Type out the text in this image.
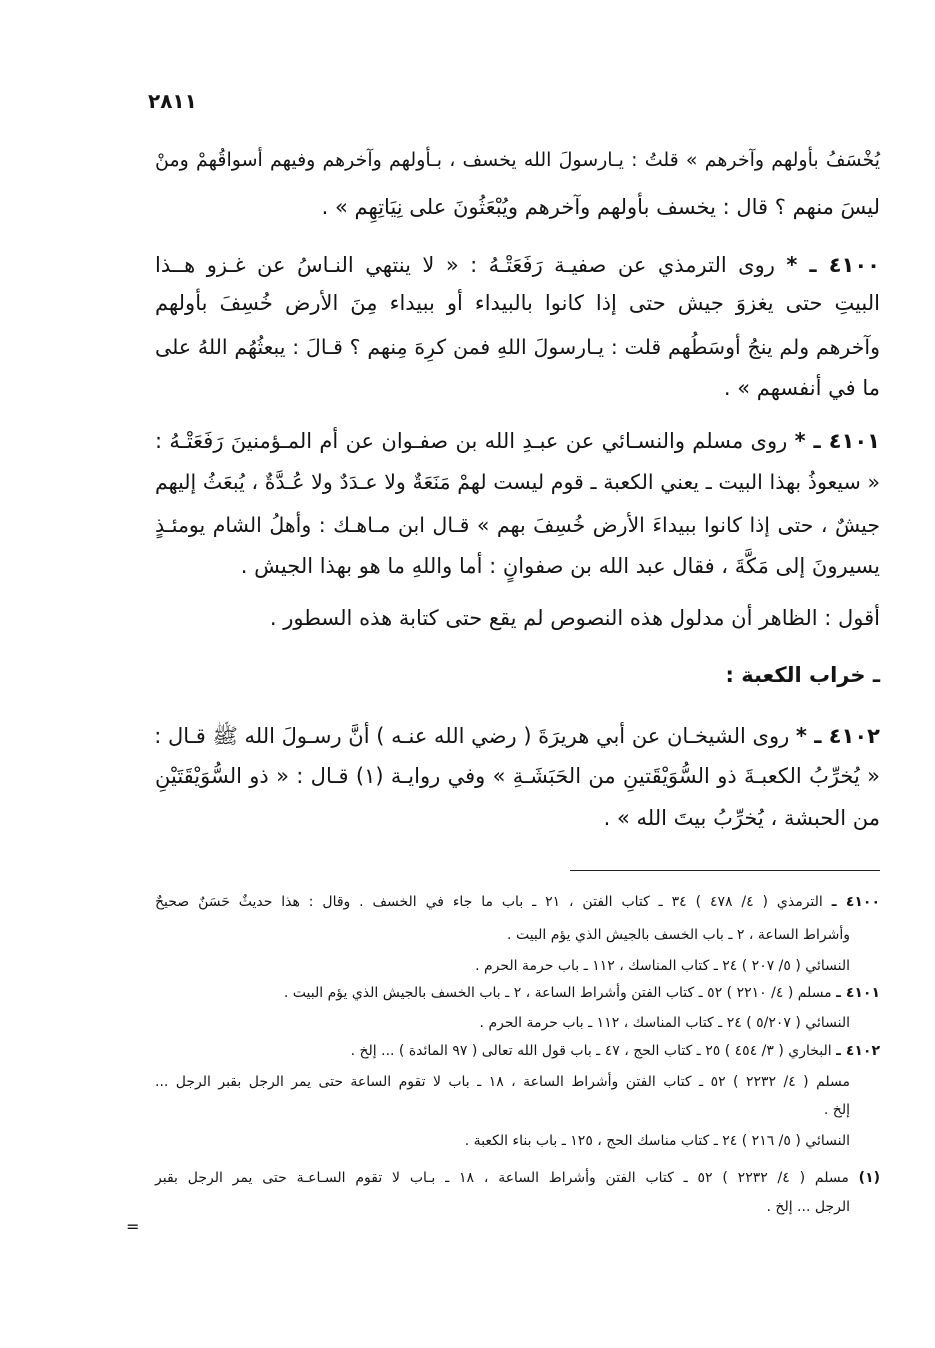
٢٨١١
يُخْسَفُ بأولهم وآخرهم » قلتُ : يـارسولَ الله يخسف ، بـأولهم وآخرهم وفيهم أسواقُهمْ ومنْ
ليسَ منهم ؟ قال : يخسف بأولهم وآخرهم ويُبْعَثُونَ على نِيَاتِهِم » .
٤١٠٠ ـ * روى الترمذي عن صفيـة رَفَعَتْـهُ : « لا ينتهي النـاسُ عن غـزو هــذا
البيتِ حتى يغزوَ جيش حتى إذا كانوا بالبيداء أو ببيداء مِنَ الأرض خُسِفَ بأولهم
وآخرهم ولم ينجُ أوسَطُهم قلت : يـارسولَ اللهِ فمن كرِهَ مِنهم ؟ قـالَ : يبعثُهُم اللهُ على
ما في أنفسهم » .
٤١٠١ ـ * روى مسلم والنسـائي عن عبـدِ الله بن صفـوان عن أم المـؤمنينَ رَفَعَتْـهُ :
« سيعوذُ بهذا البيت ـ يعني الكعبة ـ قوم ليست لهمْ مَنَعَةٌ ولا عـدَدٌ ولا عُـدَّةٌ ، يُبعَثُ إليهم
جيشٌ ، حتى إذا كانوا ببيداءَ الأرض خُسِفَ بهم » قـال ابن مـاهـك : وأهلُ الشام يومئـذٍ
يسيرونَ إلى مَكَّةَ ، فقال عبد الله بن صفوانٍ : أما واللهِ ما هو بهذا الجيش .
أقول : الظاهر أن مدلول هذه النصوص لم يقع حتى كتابة هذه السطور .
ـ خراب الكعبة :
٤١٠٢ ـ * روى الشيخـان عن أبي هريرَةَ ( رضي الله عنـه ) أنَّ رسـولَ الله ﷺ قـال :
« يُخرِّبُ الكعبـةَ ذو السُّوَيْقَتينِ من الحَبَشَـةِ » وفي روايـة (١) قـال : « ذو السُّوَيْقَتَيْنِ
من الحبشة ، يُخرِّبُ بيتَ الله » .
٤١٠٠ ـ الترمذي ( ٤/ ٤٧٨ ) ٣٤ ـ كتاب الفتن ، ٢١ ـ باب ما جاء في الخسف . وقال : هذا حديثٌ حَسَنٌ صحيحٌ
وأشراط الساعة ، ٢ ـ باب الخسف بالجيش الذي يؤم البيت .
النسائي ( ٥/ ٢٠٧ ) ٢٤ ـ كتاب المناسك ، ١١٢ ـ باب حرمة الحرم .
٤١٠١ ـ مسلم ( ٤/ ٢٢١٠ ) ٥٢ ـ كتاب الفتن وأشراط الساعة ، ٢ ـ باب الخسف بالجيش الذي يؤم البيت .
النسائي ( ٥/٢٠٧ ) ٢٤ ـ كتاب المناسك ، ١١٢ ـ باب حرمة الحرم .
٤١٠٢ ـ البخاري ( ٣/ ٤٥٤ ) ٢٥ ـ كتاب الحج ، ٤٧ ـ باب قول الله تعالى ( ٩٧ المائدة ) ... إلخ .
مسلم ( ٤/ ٢٢٣٢ ) ٥٢ ـ كتاب الفتن وأشراط الساعة ، ١٨ ـ باب لا تقوم الساعة حتى يمر الرجل بقبر الرجل ...
إلخ .
النسائي ( ٥/ ٢١٦ ) ٢٤ ـ كتاب مناسك الحج ، ١٢٥ ـ باب بناء الكعبة .
(١) مسلم ( ٤/ ٢٢٣٢ ) ٥٢ ـ كتاب الفتن وأشراط الساعة ، ١٨ ـ بـاب لا تقوم السـاعـة حتى يمر الرجل بقبر
الرجل ... إلخ .
=
